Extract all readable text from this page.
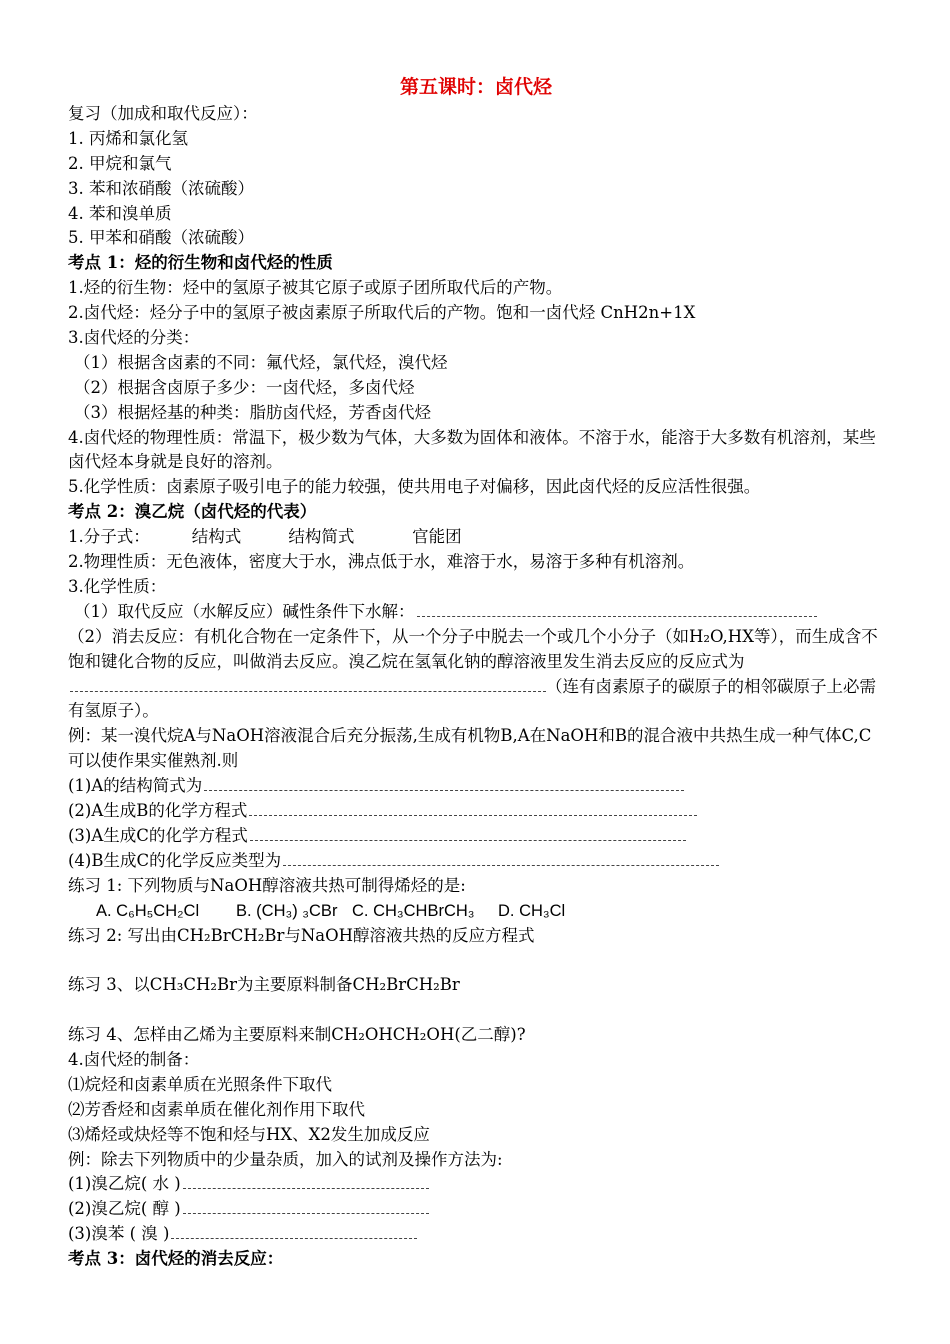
第五课时：卤代烃
复习（加成和取代反应）：
1. 丙烯和氯化氢
2. 甲烷和氯气
3. 苯和浓硝酸（浓硫酸）
4. 苯和溴单质
5. 甲苯和硝酸（浓硫酸）
考点 1：烃的衍生物和卤代烃的性质
1.烃的衍生物：烃中的氢原子被其它原子或原子团所取代后的产物。
2.卤代烃：烃分子中的氢原子被卤素原子所取代后的产物。饱和一卤代烃 CnH2n+1X
3.卤代烃的分类：
（1）根据含卤素的不同：氟代烃，氯代烃，溴代烃
（2）根据含卤原子多少：一卤代烃，多卤代烃
（3）根据烃基的种类：脂肪卤代烃，芳香卤代烃
4.卤代烃的物理性质：常温下，极少数为气体，大多数为固体和液体。不溶于水，能溶于大多数有机溶剂，某些卤代烃本身就是良好的溶剂。
5.化学性质：卤素原子吸引电子的能力较强，使共用电子对偏移，因此卤代烃的反应活性很强。
考点 2：溴乙烷（卤代烃的代表）
1.分子式：        结构式         结构简式           官能团
2.物理性质：无色液体，密度大于水，沸点低于水，难溶于水，易溶于多种有机溶剂。
3.化学性质：
（1）取代反应（水解反应）碱性条件下水解：
（2）消去反应：有机化合物在一定条件下，从一个分子中脱去一个或几个小分子（如H₂O,HX等），而生成含不饱和键化合物的反应，叫做消去反应。溴乙烷在氢氧化钠的醇溶液里发生消去反应的反应式为（连有卤素原子的碳原子的相邻碳原子上必需有氢原子）。
例：某一溴代烷A与NaOH溶液混合后充分振荡,生成有机物B,A在NaOH和B的混合液中共热生成一种气体C,C可以使作果实催熟剂.则
(1)A的结构简式为
(2)A生成B的化学方程式
(3)A生成C的化学方程式
(4)B生成C的化学反应类型为
练习 1: 下列物质与NaOH醇溶液共热可制得烯烃的是:
A. C₆H₅CH₂Cl B. (CH₃) ₃CBr C. CH₃CHBrCH₃ D. CH₃Cl
练习 2: 写出由CH₂BrCH₂Br与NaOH醇溶液共热的反应方程式
练习 3、以CH₃CH₂Br为主要原料制备CH₂BrCH₂Br
练习 4、怎样由乙烯为主要原料来制CH₂OHCH₂OH(乙二醇)?
4.卤代烃的制备：
⑴烷烃和卤素单质在光照条件下取代
⑵芳香烃和卤素单质在催化剂作用下取代
⑶烯烃或炔烃等不饱和烃与HX、X2发生加成反应
例：除去下列物质中的少量杂质，加入的试剂及操作方法为:
(1)溴乙烷( 水 )
(2)溴乙烷( 醇 )
(3)溴苯 ( 溴 )
考点 3：卤代烃的消去反应：
